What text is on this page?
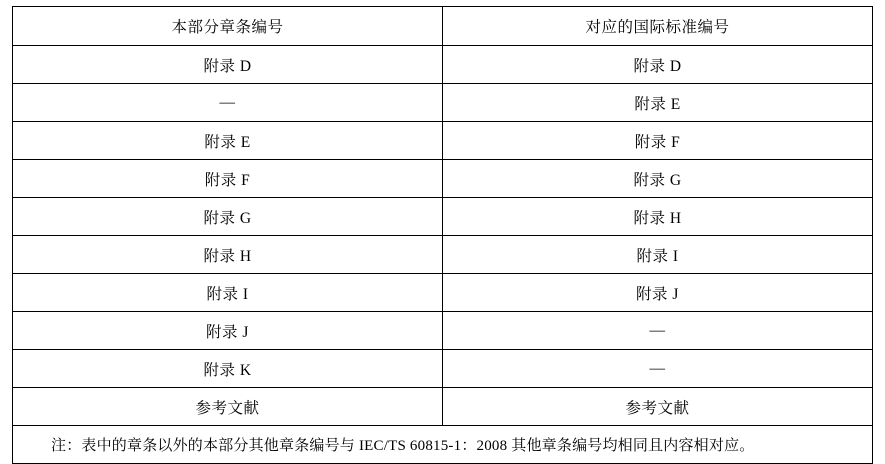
本部分章条编号	对应的国际标准编号
附录 D	附录 D
—	附录 E
附录 E	附录 F
附录 F	附录 G
附录 G	附录 H
附录 H	附录 I
附录 I	附录 J
附录 J	—
附录 K	—
参考文献	参考文献
注：表中的章条以外的本部分其他章条编号与 IEC/TS 60815-1：2008 其他章条编号均相同且内容相对应。	
